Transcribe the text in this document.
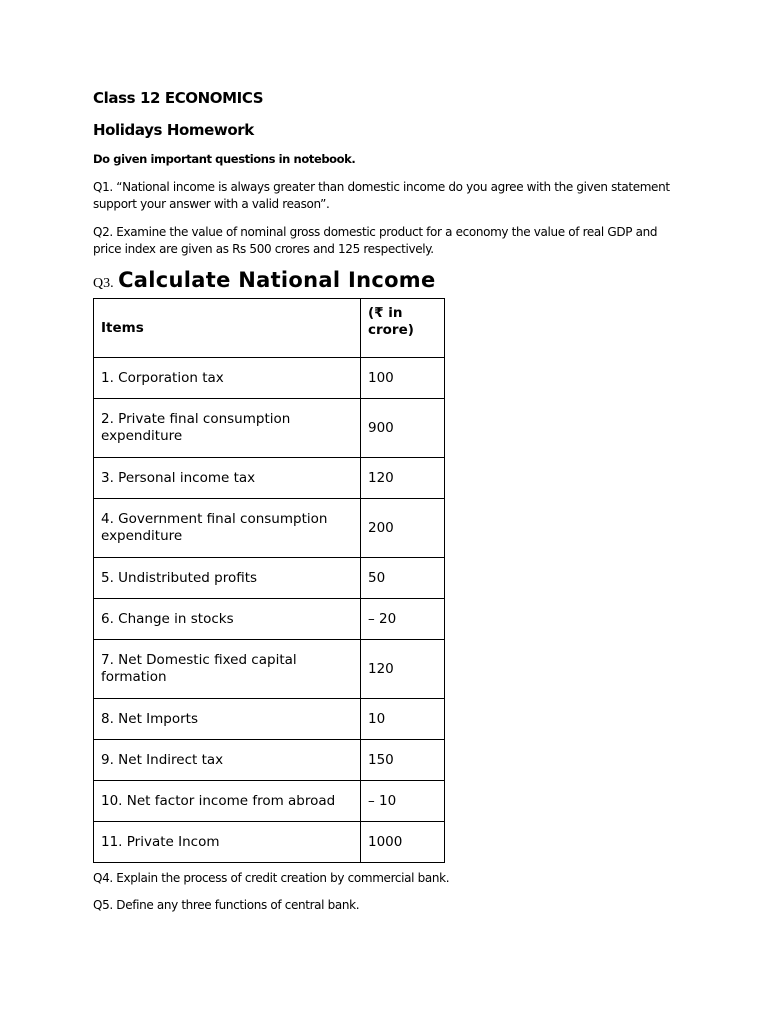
Class 12 ECONOMICS
Holidays Homework
Do given important questions in notebook.
Q1. “National income is always greater than domestic income do you agree with the given statement support your answer with a valid reason”.
Q2. Examine the value of nominal gross domestic product for a economy the value of real GDP and price index are given as Rs 500 crores and 125 respectively.
Q3. Calculate National Income
Items	(₹ in crore)
1. Corporation tax	100
2. Private final consumption expenditure	900
3. Personal income tax	120
4. Government final consumption expenditure	200
5. Undistributed profits	50
6. Change in stocks	– 20
7. Net Domestic fixed capital formation	120
8. Net Imports	10
9. Net Indirect tax	150
10. Net factor income from abroad	– 10
11. Private Incom	1000
Q4. Explain the process of credit creation by commercial bank.
Q5. Define any three functions of central bank.
